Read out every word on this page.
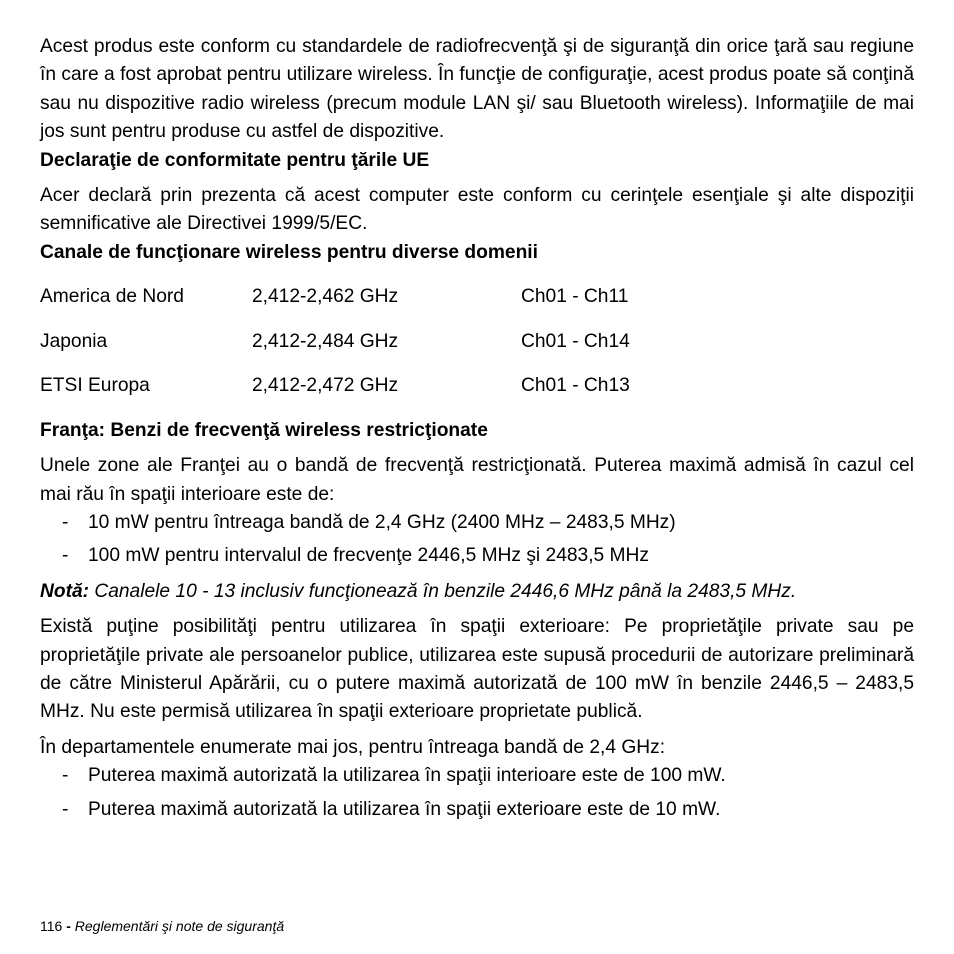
Acest produs este conform cu standardele de radiofrecvenţă şi de siguranţă din orice ţară sau regiune în care a fost aprobat pentru utilizare wireless. În funcţie de configuraţie, acest produs poate să conţină sau nu dispozitive radio wireless (precum module LAN şi/ sau Bluetooth wireless). Informaţiile de mai jos sunt pentru produse cu astfel de dispozitive.

Declaraţie de conformitate pentru ţările UE

Acer declară prin prezenta că acest computer este conform cu cerinţele esenţiale şi alte dispoziţii semnificative ale Directivei 1999/5/EC.

Canale de funcţionare wireless pentru diverse domenii

America de Nord	2,412-2,462 GHz	Ch01 - Ch11
Japonia	2,412-2,484 GHz	Ch01 - Ch14
ETSI Europa	2,412-2,472 GHz	Ch01 - Ch13

Franţa: Benzi de frecvenţă wireless restricţionate

Unele zone ale Franţei au o bandă de frecvenţă restricţionată. Puterea maximă admisă în cazul cel mai rău în spaţii interioare este de:

- 10 mW pentru întreaga bandă de 2,4 GHz (2400 MHz – 2483,5 MHz)
- 100 mW pentru intervalul de frecvenţe 2446,5 MHz şi 2483,5 MHz

Notă: Canalele 10 - 13 inclusiv funcţionează în benzile 2446,6 MHz până la 2483,5 MHz.

Există puţine posibilităţi pentru utilizarea în spaţii exterioare: Pe proprietăţile private sau pe proprietăţile private ale persoanelor publice, utilizarea este supusă procedurii de autorizare preliminară de către Ministerul Apărării, cu o putere maximă autorizată de 100 mW în benzile 2446,5 – 2483,5 MHz. Nu este permisă utilizarea în spaţii exterioare proprietate publică.

În departamentele enumerate mai jos, pentru întreaga bandă de 2,4 GHz:

- Puterea maximă autorizată la utilizarea în spaţii interioare este de 100 mW.
- Puterea maximă autorizată la utilizarea în spaţii exterioare este de 10 mW.
116 - Reglementări şi note de siguranţă
